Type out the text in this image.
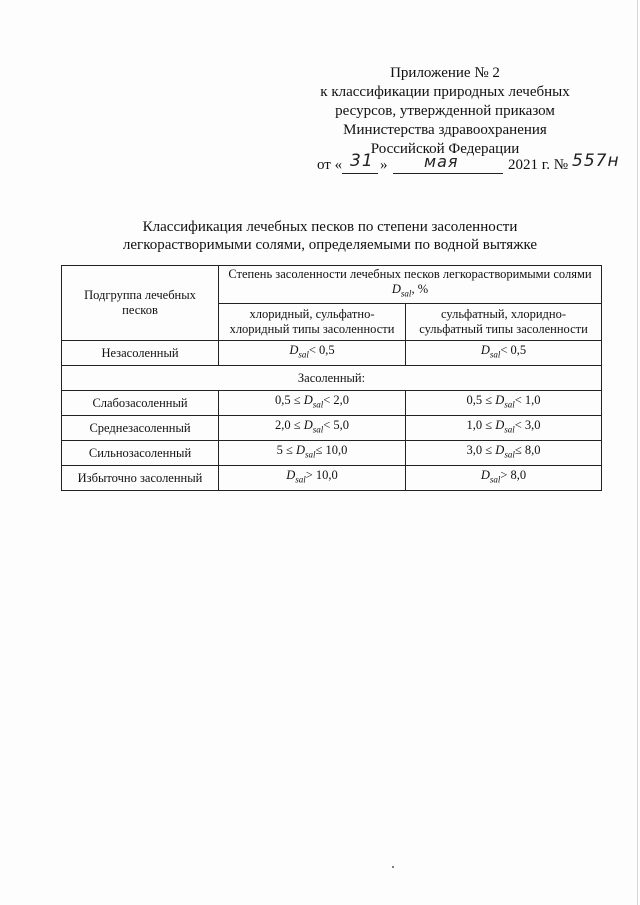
Приложение № 2
к классификации природных лечебных
ресурсов, утвержденной приказом
Министерства здравоохранения
Российской Федерации
от « 31 » мая	2021 г. № 557н
Классификация лечебных песков по степени засоленности
легкорастворимыми солями, определяемыми по водной вытяжке
Подгруппа лечебных песков	Степень засоленности лечебных песков легкорастворимыми солями $D_{sal}$, %	
	хлоридный, сульфатно-хлоридный типы засоленности	сульфатный, хлоридно-сульфатный типы засоленности
Незасоленный	$D_{sal}< 0,5$	$D_{sal}< 0,5$
Засоленный:		
Слабозасоленный	$0,5 \le D_{sal}< 2,0$	$0,5 \le D_{sal}< 1,0$
Среднезасоленный	$2,0 \le D_{sal}< 5,0$	$1,0 \le D_{sal}< 3,0$
Сильнозасоленный	$5 \le D_{sal}\le 10,0$	$3,0 \le D_{sal}\le 8,0$
Избыточно засоленный	$D_{sal}> 10,0$	$D_{sal}> 8,0$
